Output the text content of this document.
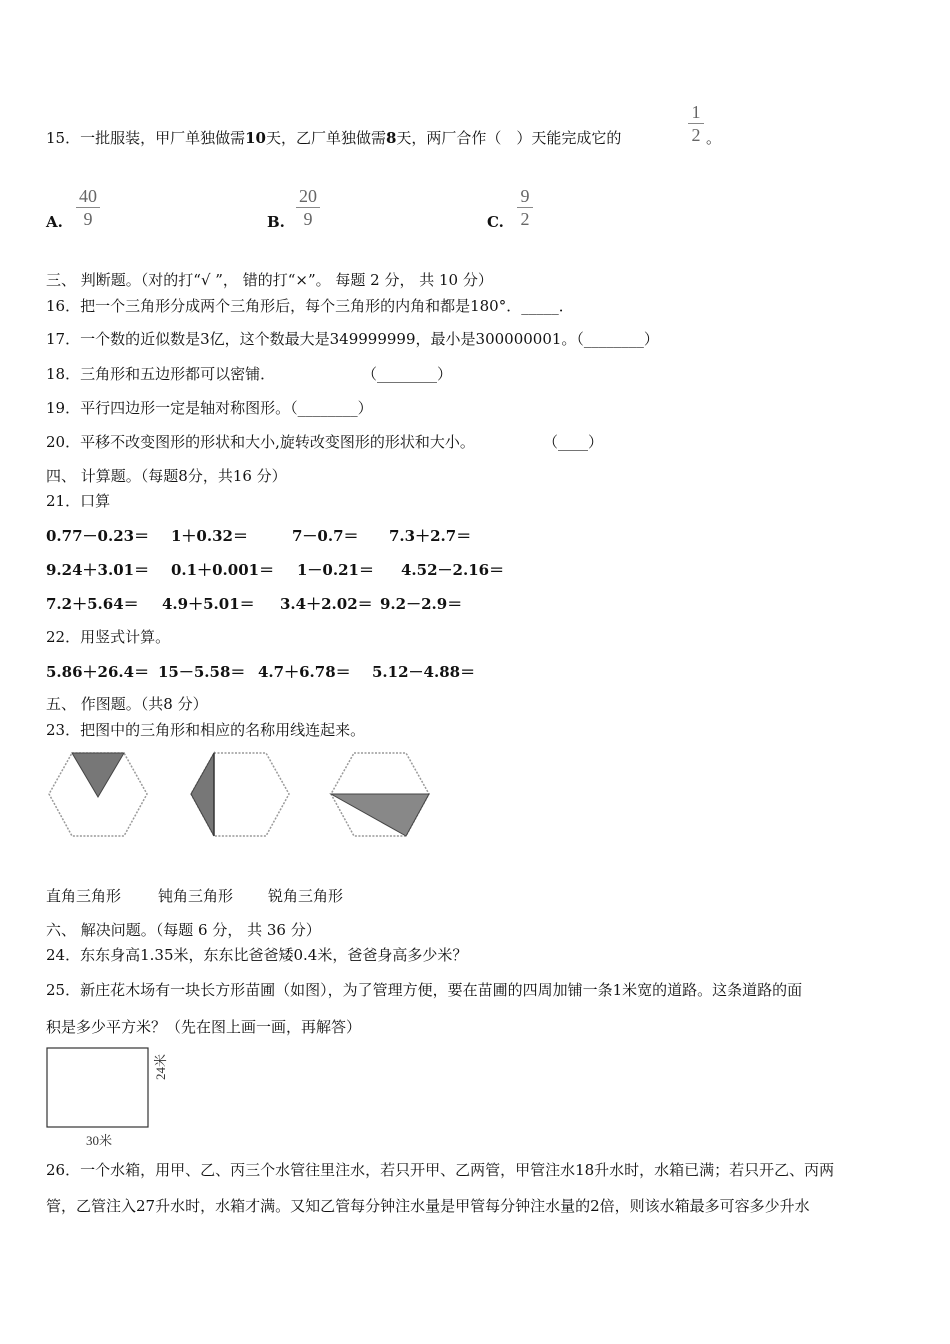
15．一批服装，甲厂单独做需10天，乙厂单独做需8天，两厂合作（　）天能完成它的
1
2 。
A.
40
9	B.
20
9	C.
9
2
三、 判断题。（对的打“√ ”， 错的打“×”。 每题 2 分， 共 10 分）
16．把一个三角形分成两个三角形后，每个三角形的内角和都是180°．_____．
17．一个数的近似数是3亿，这个数最大是349999999，最小是300000001。（________）
18．三角形和五边形都可以密铺．	（________）
19．平行四边形一定是轴对称图形。（________）
20．平移不改变图形的形状和大小,旋转改变图形的形状和大小。	（____）
四、 计算题。（每题8分，共16 分）
21．口算
0.77－0.23＝ 1＋0.32＝	7－0.7＝ 7.3＋2.7＝
9.24＋3.01＝ 0.1＋0.001＝ 1－0.21＝ 4.52－2.16＝
7.2＋5.64＝ 4.9＋5.01＝ 3.4＋2.02＝ 9.2－2.9＝
22．用竖式计算。
5.86＋26.4＝ 15－5.58＝ 4.7＋6.78＝ 5.12－4.88＝
五、 作图题。（共8 分）
23．把图中的三角形和相应的名称用线连起来。
直角三角形 钝角三角形 锐角三角形
六、 解决问题。（每题 6 分， 共 36 分）
24．东东身高1.35米，东东比爸爸矮0.4米，爸爸身高多少米？
25．新庄花木场有一块长方形苗圃（如图），为了管理方便，要在苗圃的四周加铺一条1米宽的道路。这条道路的面
积是多少平方米？（先在图上画一画，再解答）
24米
30米
26．一个水箱，用甲、乙、丙三个水管往里注水，若只开甲、乙两管，甲管注水18升水时，水箱已满；若只开乙、丙两
管，乙管注入27升水时，水箱才满。又知乙管每分钟注水量是甲管每分钟注水量的2倍，则该水箱最多可容多少升水
